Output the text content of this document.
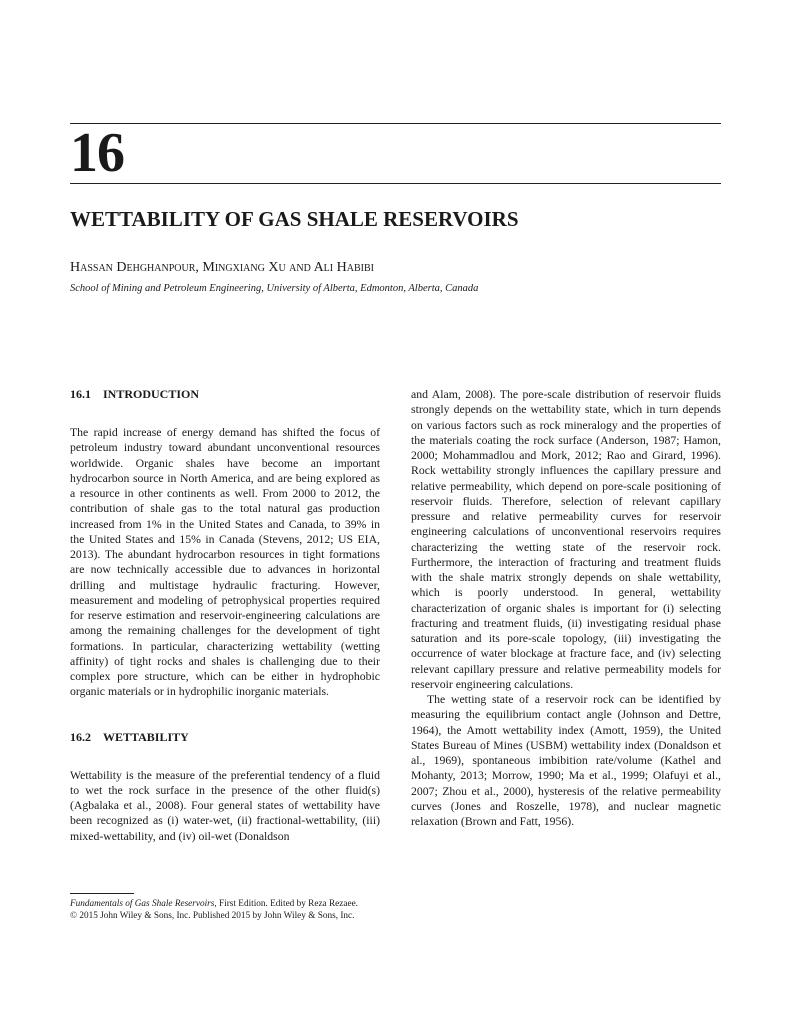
16
WETTABILITY OF GAS SHALE RESERVOIRS
Hassan Dehghanpour, Mingxiang Xu and Ali Habibi
School of Mining and Petroleum Engineering, University of Alberta, Edmonton, Alberta, Canada
16.1 INTRODUCTION

The rapid increase of energy demand has shifted the focus of petroleum industry toward abundant unconventional resources worldwide. Organic shales have become an important hydrocarbon source in North America, and are being explored as a resource in other continents as well. From 2000 to 2012, the contribution of shale gas to the total natural gas production increased from 1% in the United States and Canada, to 39% in the United States and 15% in Canada (Stevens, 2012; US EIA, 2013). The abundant hydrocarbon resources in tight formations are now technically accessible due to advances in horizontal drilling and multistage hydraulic fracturing. However, measurement and modeling of petrophysical properties required for reserve estimation and reservoir-engineering calculations are among the remaining challenges for the development of tight formations. In particular, characterizing wettability (wetting affinity) of tight rocks and shales is challenging due to their complex pore structure, which can be either in hydrophobic organic materials or in hydrophilic inorganic materials.

16.2 WETTABILITY

Wettability is the measure of the preferential tendency of a fluid to wet the rock surface in the presence of the other fluid(s) (Agbalaka et al., 2008). Four general states of wettability have been recognized as (i) water-wet, (ii) fractional-wettability, (iii) mixed-wettability, and (iv) oil-wet (Donaldson

and Alam, 2008). The pore-scale distribution of reservoir fluids strongly depends on the wettability state, which in turn depends on various factors such as rock mineralogy and the properties of the materials coating the rock surface (Anderson, 1987; Hamon, 2000; Mohammadlou and Mork, 2012; Rao and Girard, 1996). Rock wettability strongly influences the capillary pressure and relative permeability, which depend on pore-scale positioning of reservoir fluids. Therefore, selection of relevant capillary pressure and relative permeability curves for reservoir engineering calculations of unconventional reservoirs requires characterizing the wetting state of the reservoir rock. Furthermore, the interaction of fracturing and treatment fluids with the shale matrix strongly depends on shale wettability, which is poorly understood. In general, wettability characterization of organic shales is important for (i) selecting fracturing and treatment fluids, (ii) investigating residual phase saturation and its pore-scale topology, (iii) investigating the occurrence of water blockage at fracture face, and (iv) selecting relevant capillary pressure and relative permeability models for reservoir engineering calculations.

The wetting state of a reservoir rock can be identified by measuring the equilibrium contact angle (Johnson and Dettre, 1964), the Amott wettability index (Amott, 1959), the United States Bureau of Mines (USBM) wettability index (Donaldson et al., 1969), spontaneous imbibition rate/volume (Kathel and Mohanty, 2013; Morrow, 1990; Ma et al., 1999; Olafuyi et al., 2007; Zhou et al., 2000), hysteresis of the relative permeability curves (Jones and Roszelle, 1978), and nuclear magnetic relaxation (Brown and Fatt, 1956).

Fundamentals of Gas Shale Reservoirs, First Edition. Edited by Reza Rezaee.
© 2015 John Wiley & Sons, Inc. Published 2015 by John Wiley & Sons, Inc.
